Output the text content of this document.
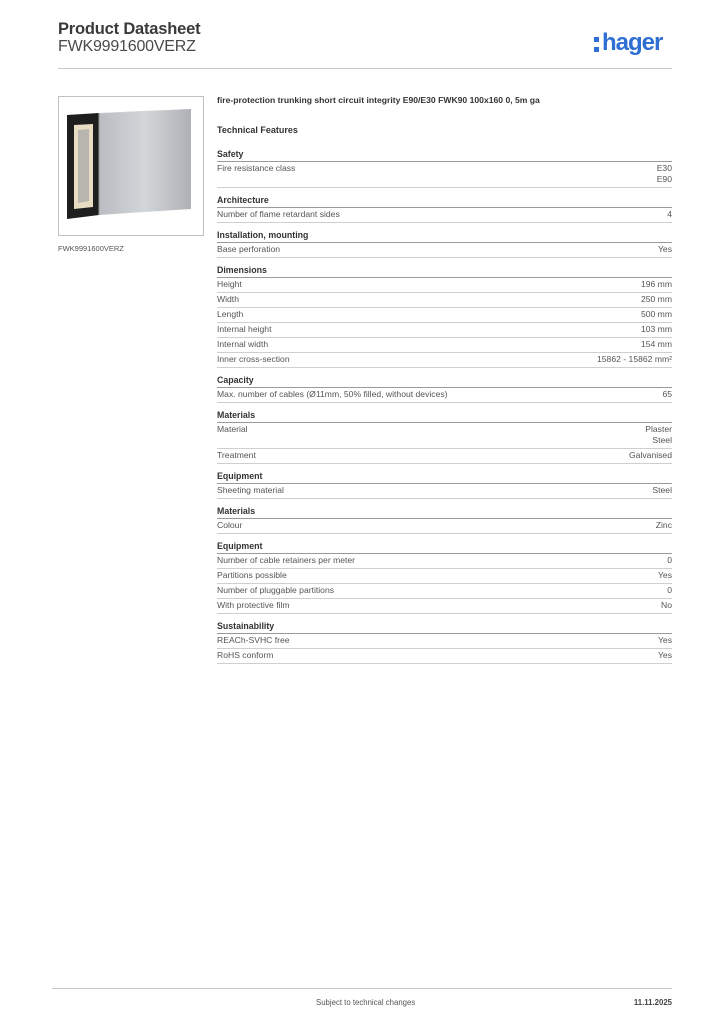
Product Datasheet
FWK9991600VERZ	hager
FWK9991600VERZ
fire-protection trunking short circuit integrity E90/E30 FWK90 100x160 0, 5m ga
Technical Features
Safety
Fire resistance class	E30
E90
Architecture
Number of flame retardant sides	4
Installation, mounting
Base perforation	Yes
Dimensions
Height	196 mm
Width	250 mm
Length	500 mm
Internal height	103 mm
Internal width	154 mm
Inner cross-section	15862 - 15862 mm²
Capacity
Max. number of cables (Ø11mm, 50% filled, without devices)	65
Materials
Material	Plaster
Steel
Treatment	Galvanised
Equipment
Sheeting material	Steel
Materials
Colour	Zinc
Equipment
Number of cable retainers per meter	0
Partitions possible	Yes
Number of pluggable partitions	0
With protective film	No
Sustainability
REACh-SVHC free	Yes
RoHS conform	Yes
Subject to technical changes	11.11.2025
